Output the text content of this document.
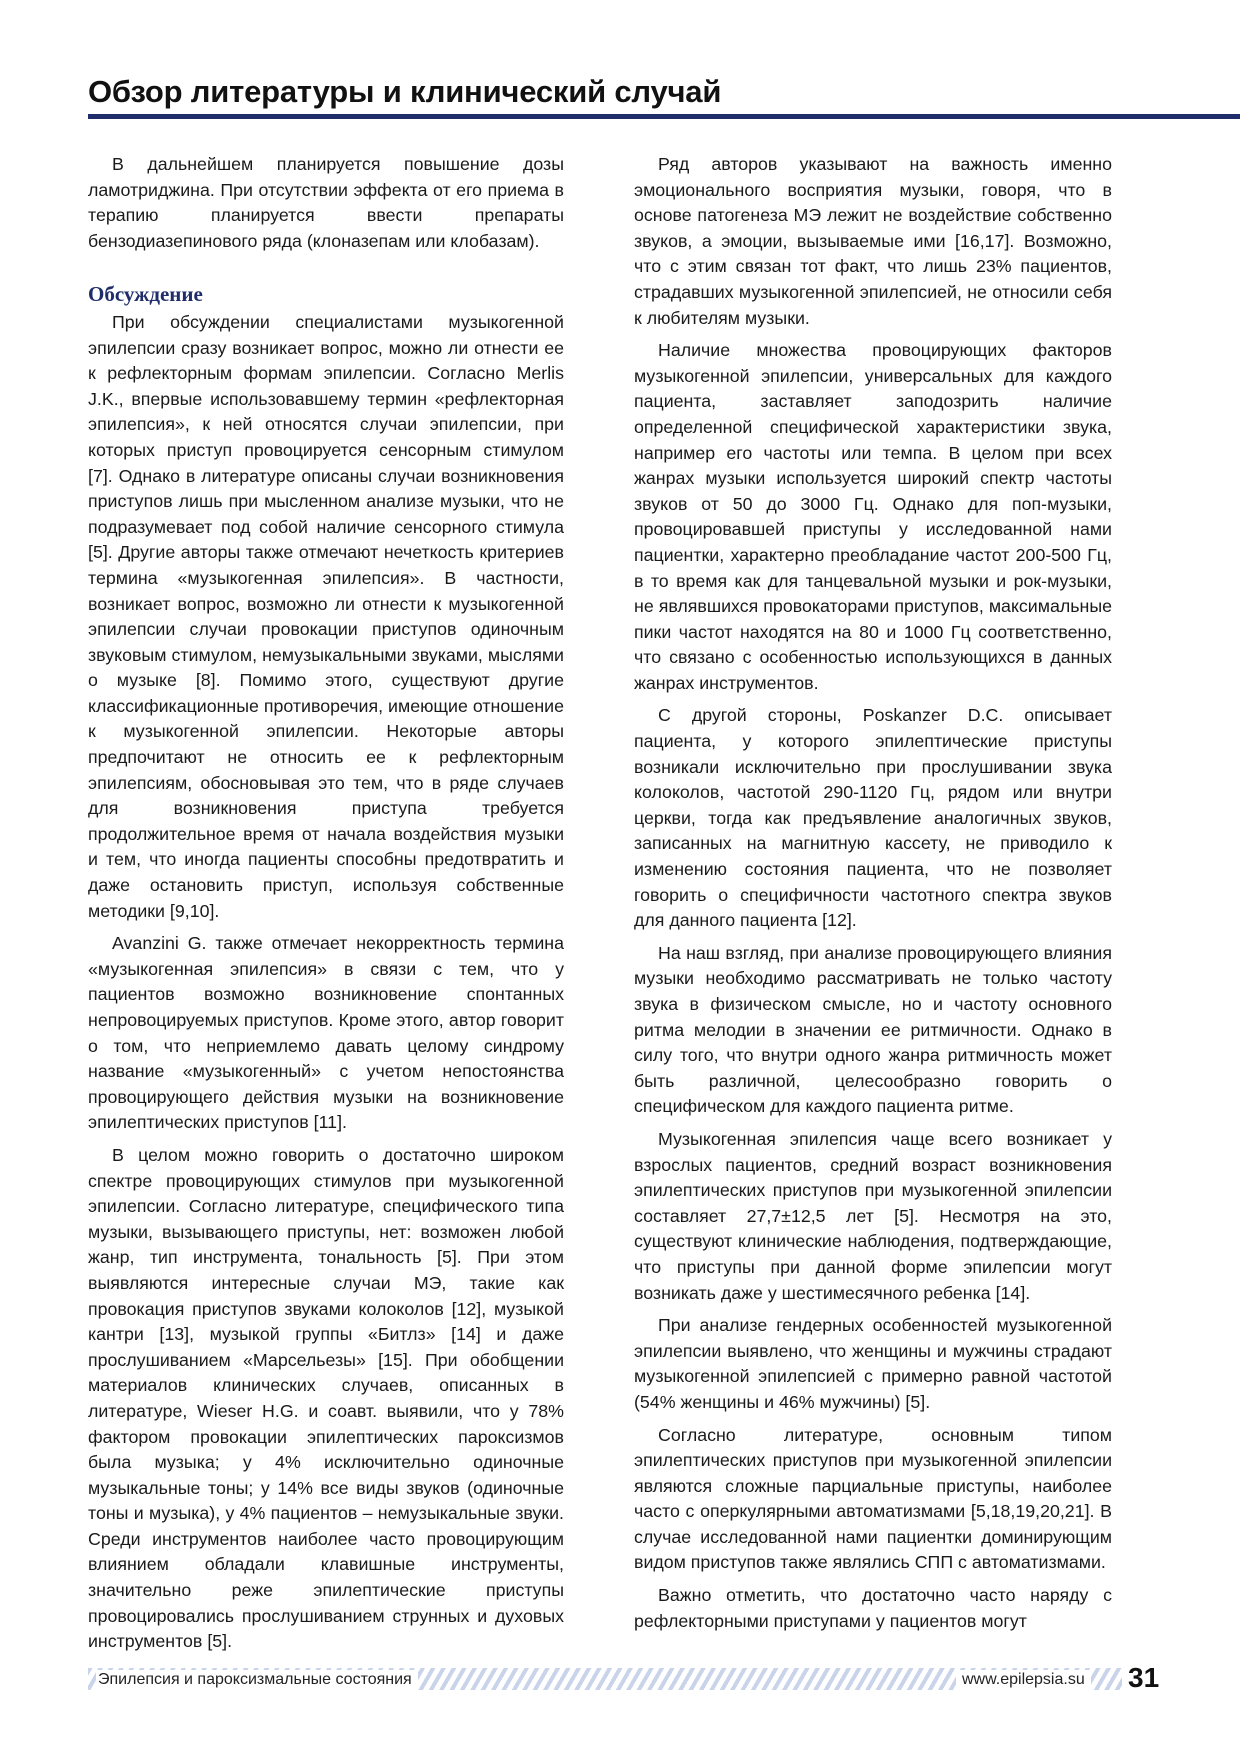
Обзор литературы и клинический случай

В дальнейшем планируется повышение дозы ламотриджина. При отсутствии эффекта от его приема в терапию планируется ввести препараты бензодиазепинового ряда (клоназепам или клобазам).

Обсуждение

При обсуждении специалистами музыкогенной эпилепсии сразу возникает вопрос, можно ли отнести ее к рефлекторным формам эпилепсии. Согласно Merlis J.K., впервые использовавшему термин «рефлекторная эпилепсия», к ней относятся случаи эпилепсии, при которых приступ провоцируется сенсорным стимулом [7]. Однако в литературе описаны случаи возникновения приступов лишь при мысленном анализе музыки, что не подразумевает под собой наличие сенсорного стимула [5]. Другие авторы также отмечают нечеткость критериев термина «музыкогенная эпилепсия». В частности, возникает вопрос, возможно ли отнести к музыкогенной эпилепсии случаи провокации приступов одиночным звуковым стимулом, немузыкальными звуками, мыслями о музыке [8]. Помимо этого, существуют другие классификационные противоречия, имеющие отношение к музыкогенной эпилепсии. Некоторые авторы предпочитают не относить ее к рефлекторным эпилепсиям, обосновывая это тем, что в ряде случаев для возникновения приступа требуется продолжительное время от начала воздействия музыки и тем, что иногда пациенты способны предотвратить и даже остановить приступ, используя собственные методики [9,10].

Avanzini G. также отмечает некорректность термина «музыкогенная эпилепсия» в связи с тем, что у пациентов возможно возникновение спонтанных непровоцируемых приступов. Кроме этого, автор говорит о том, что неприемлемо давать целому синдрому название «музыкогенный» с учетом непостоянства провоцирующего действия музыки на возникновение эпилептических приступов [11].

В целом можно говорить о достаточно широком спектре провоцирующих стимулов при музыкогенной эпилепсии. Согласно литературе, специфического типа музыки, вызывающего приступы, нет: возможен любой жанр, тип инструмента, тональность [5]. При этом выявляются интересные случаи МЭ, такие как провокация приступов звуками колоколов [12], музыкой кантри [13], музыкой группы «Битлз» [14] и даже прослушиванием «Марсельезы» [15]. При обобщении материалов клинических случаев, описанных в литературе, Wieser H.G. и соавт. выявили, что у 78% фактором провокации эпилептических пароксизмов была музыка; у 4% исключительно одиночные музыкальные тоны; у 14% все виды звуков (одиночные тоны и музыка), у 4% пациентов – немузыкальные звуки. Среди инструментов наиболее часто провоцирующим влиянием обладали клавишные инструменты, значительно реже эпилептические приступы провоцировались прослушиванием струнных и духовых инструментов [5].

Ряд авторов указывают на важность именно эмоционального восприятия музыки, говоря, что в основе патогенеза МЭ лежит не воздействие собственно звуков, а эмоции, вызываемые ими [16,17]. Возможно, что с этим связан тот факт, что лишь 23% пациентов, страдавших музыкогенной эпилепсией, не относили себя к любителям музыки.

Наличие множества провоцирующих факторов музыкогенной эпилепсии, универсальных для каждого пациента, заставляет заподозрить наличие определенной специфической характеристики звука, например его частоты или темпа. В целом при всех жанрах музыки используется широкий спектр частоты звуков от 50 до 3000 Гц. Однако для поп-музыки, провоцировавшей приступы у исследованной нами пациентки, характерно преобладание частот 200-500 Гц, в то время как для танцевальной музыки и рок-музыки, не являвшихся провокаторами приступов, максимальные пики частот находятся на 80 и 1000 Гц соответственно, что связано с особенностью использующихся в данных жанрах инструментов.

С другой стороны, Poskanzer D.C. описывает пациента, у которого эпилептические приступы возникали исключительно при прослушивании звука колоколов, частотой 290-1120 Гц, рядом или внутри церкви, тогда как предъявление аналогичных звуков, записанных на магнитную кассету, не приводило к изменению состояния пациента, что не позволяет говорить о специфичности частотного спектра звуков для данного пациента [12].

На наш взгляд, при анализе провоцирующего влияния музыки необходимо рассматривать не только частоту звука в физическом смысле, но и частоту основного ритма мелодии в значении ее ритмичности. Однако в силу того, что внутри одного жанра ритмичность может быть различной, целесообразно говорить о специфическом для каждого пациента ритме.

Музыкогенная эпилепсия чаще всего возникает у взрослых пациентов, средний возраст возникновения эпилептических приступов при музыкогенной эпилепсии составляет 27,7±12,5 лет [5]. Несмотря на это, существуют клинические наблюдения, подтверждающие, что приступы при данной форме эпилепсии могут возникать даже у шестимесячного ребенка [14].

При анализе гендерных особенностей музыкогенной эпилепсии выявлено, что женщины и мужчины страдают музыкогенной эпилепсией с примерно равной частотой (54% женщины и 46% мужчины) [5].

Согласно литературе, основным типом эпилептических приступов при музыкогенной эпилепсии являются сложные парциальные приступы, наиболее часто с оперкулярными автоматизмами [5,18,19,20,21]. В случае исследованной нами пациентки доминирующим видом приступов также являлись СПП с автоматизмами.

Важно отметить, что достаточно часто наряду с рефлекторными приступами у пациентов могут

Эпилепсия и пароксизмальные состояния	www.epilepsia.su 31
